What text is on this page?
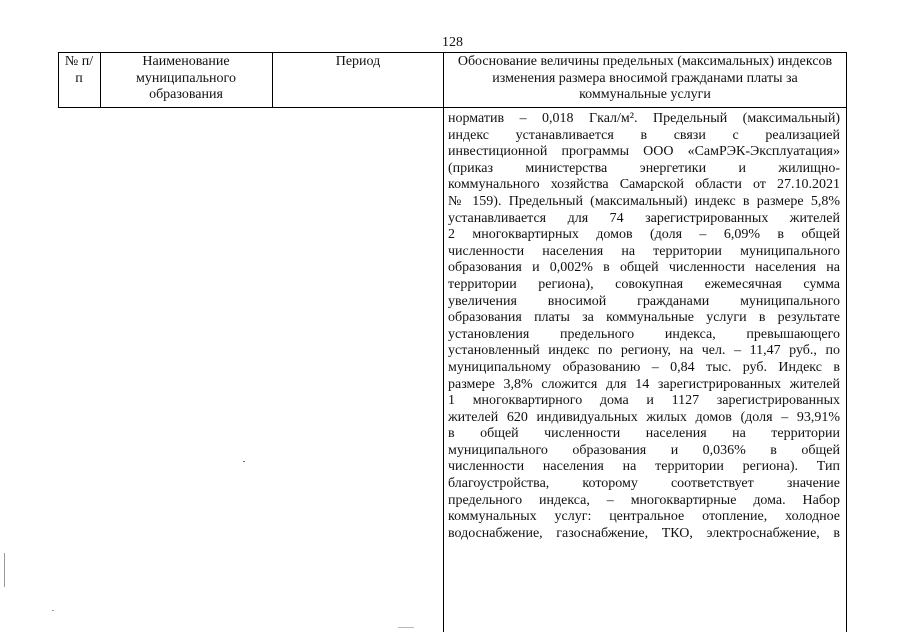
128
№ п/п
Наименование муниципального образования
Период	Обоснование величины предельных (максимальных) индексов изменения размера вносимой гражданами платы за коммунальные услуги
норматив – 0,018 Гкал/м². Предельный (максимальный)
индекс устанавливается в связи с реализацией
инвестиционной программы ООО «СамРЭК-Эксплуатация»
(приказ министерства энергетики и жилищно-
коммунального хозяйства Самарской области от 27.10.2021
№ 159). Предельный (максимальный) индекс в размере 5,8%
устанавливается для 74 зарегистрированных жителей
2 многоквартирных домов (доля – 6,09% в общей
численности населения на территории муниципального
образования и 0,002% в общей численности населения на
территории региона), совокупная ежемесячная сумма
увеличения вносимой гражданами муниципального
образования платы за коммунальные услуги в результате
установления предельного индекса, превышающего
установленный индекс по региону, на чел. – 11,47 руб., по
муниципальному образованию – 0,84 тыс. руб. Индекс в
размере 3,8% сложится для 14 зарегистрированных жителей
1 многоквартирного дома и 1127 зарегистрированных
жителей 620 индивидуальных жилых домов (доля – 93,91%
в общей численности населения на территории
муниципального образования и 0,036% в общей
численности населения на территории региона). Тип
благоустройства, которому соответствует значение
предельного индекса, – многоквартирные дома. Набор
коммунальных услуг: центральное отопление, холодное
водоснабжение, газоснабжение, ТКО, электроснабжение, в
